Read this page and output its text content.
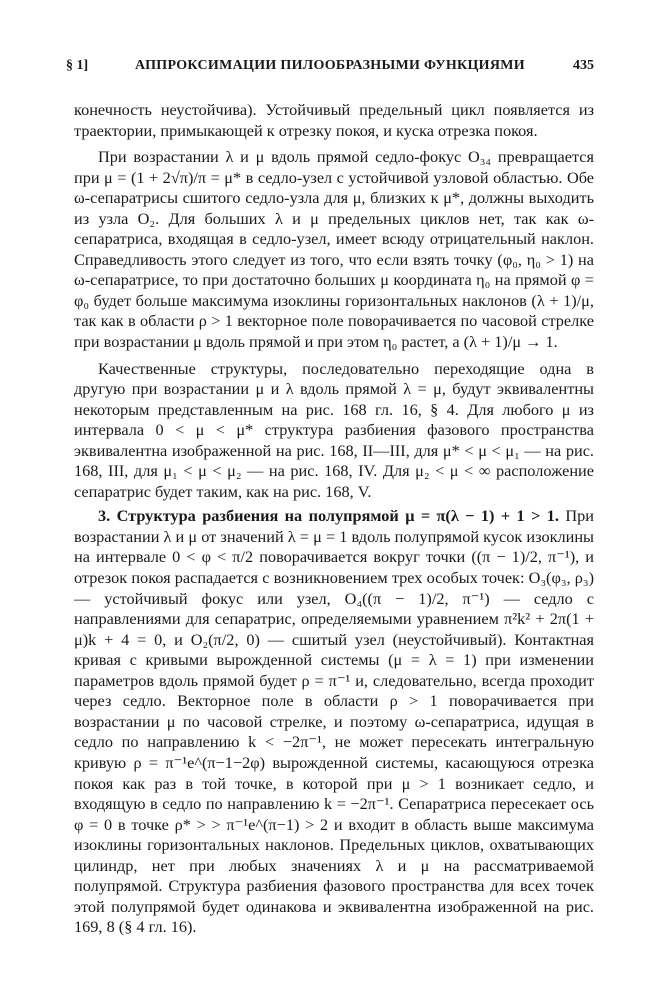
§ 1]	АППРОКСИМАЦИИ ПИЛООБРАЗНЫМИ ФУНКЦИЯМИ	435

конечность неустойчива). Устойчивый предельный цикл появляется из траектории, примыкающей к отрезку покоя, и куска отрезка покоя.

При возрастании λ и μ вдоль прямой седло-фокус O₃₄ превращается при μ = (1 + 2√π)/π = μ* в седло-узел с устойчивой узловой областью. Обе ω-сепаратрисы сшитого седло-узла для μ, близких к μ*, должны выходить из узла O₂. Для больших λ и μ предельных циклов нет, так как ω-сепаратриса, входящая в седло-узел, имеет всюду отрицательный наклон. Справедливость этого следует из того, что если взять точку (φ₀, η₀ > 1) на ω-сепаратрисе, то при достаточно больших μ координата η₀ на прямой φ = φ₀ будет больше максимума изоклины горизонтальных наклонов (λ + 1)/μ, так как в области ρ > 1 векторное поле поворачивается по часовой стрелке при возрастании μ вдоль прямой и при этом η₀ растет, а (λ + 1)/μ → 1.

Качественные структуры, последовательно переходящие одна в другую при возрастании μ и λ вдоль прямой λ = μ, будут эквивалентны некоторым представленным на рис. 168 гл. 16, § 4. Для любого μ из интервала 0 < μ < μ* структура разбиения фазового пространства эквивалентна изображенной на рис. 168, II—III, для μ* < μ < μ₁ — на рис. 168, III, для μ₁ < μ < μ₂ — на рис. 168, IV. Для μ₂ < μ < ∞ расположение сепаратрис будет таким, как на рис. 168, V.

3. Структура разбиения на полупрямой μ = π(λ − 1) + 1 > 1. При возрастании λ и μ от значений λ = μ = 1 вдоль полупрямой кусок изоклины на интервале 0 < φ < π/2 поворачивается вокруг точки ((π − 1)/2, π⁻¹), и отрезок покоя распадается с возникновением трех особых точек: O₃(φ₃, ρ₃) — устойчивый фокус или узел, O₄((π − 1)/2, π⁻¹) — седло с направлениями для сепаратрис, определяемыми уравнением π²k² + 2π(1 + μ)k + 4 = 0, и O₂(π/2, 0) — сшитый узел (неустойчивый). Контактная кривая с кривыми вырожденной системы (μ = λ = 1) при изменении параметров вдоль прямой будет ρ = π⁻¹ и, следовательно, всегда проходит через седло. Векторное поле в области ρ > 1 поворачивается при возрастании μ по часовой стрелке, и поэтому ω-сепаратриса, идущая в седло по направлению k < −2π⁻¹, не может пересекать интегральную кривую ρ = π⁻¹e^(π−1−2φ) вырожденной системы, касающуюся отрезка покоя как раз в той точке, в которой при μ > 1 возникает седло, и входящую в седло по направлению k = −2π⁻¹. Сепаратриса пересекает ось φ = 0 в точке ρ* > > π⁻¹e^(π−1) > 2 и входит в область выше максимума изоклины горизонтальных наклонов. Предельных циклов, охватывающих цилиндр, нет при любых значениях λ и μ на рассматриваемой полупрямой. Структура разбиения фазового пространства для всех точек этой полупрямой будет одинакова и эквивалентна изображенной на рис. 169, 8 (§ 4 гл. 16).
